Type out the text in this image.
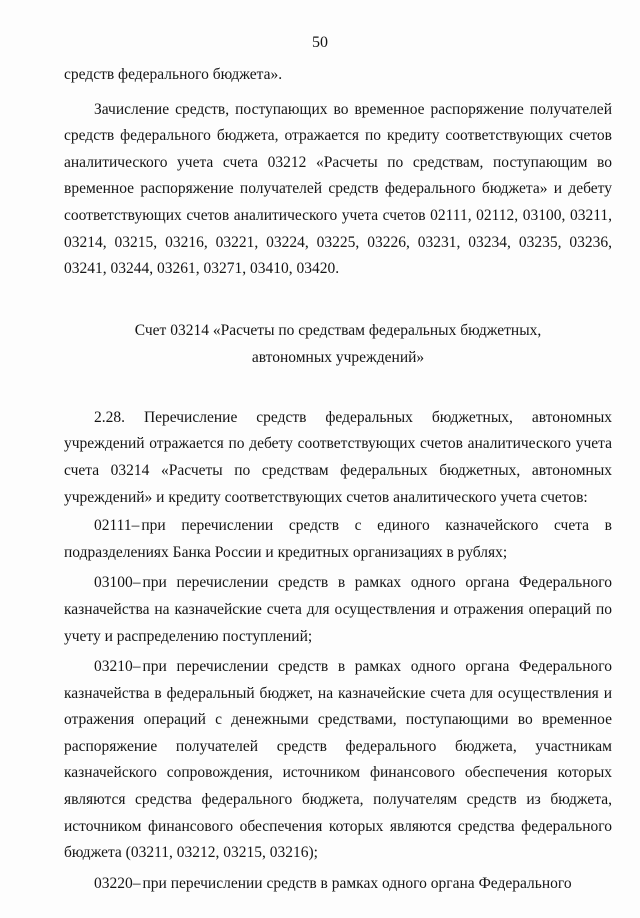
50

средств федерального бюджета».

Зачисление средств, поступающих во временное распоряжение получателей средств федерального бюджета, отражается по кредиту соответствующих счетов аналитического учета счета 03212 «Расчеты по средствам, поступающим во временное распоряжение получателей средств федерального бюджета» и дебету соответствующих счетов аналитического учета счетов 02111, 02112, 03100, 03211, 03214, 03215, 03216, 03221, 03224, 03225, 03226, 03231, 03234, 03235, 03236, 03241, 03244, 03261, 03271, 03410, 03420.

Счет 03214 «Расчеты по средствам федеральных бюджетных, автономных учреждений»

2.28. Перечисление средств федеральных бюджетных, автономных учреждений отражается по дебету соответствующих счетов аналитического учета счета 03214 «Расчеты по средствам федеральных бюджетных, автономных учреждений» и кредиту соответствующих счетов аналитического учета счетов:

02111– при перечислении средств с единого казначейского счета в подразделениях Банка России и кредитных организациях в рублях;

03100– при перечислении средств в рамках одного органа Федерального казначейства на казначейские счета для осуществления и отражения операций по учету и распределению поступлений;

03210– при перечислении средств в рамках одного органа Федерального казначейства в федеральный бюджет, на казначейские счета для осуществления и отражения операций с денежными средствами, поступающими во временное распоряжение получателей средств федерального бюджета, участникам казначейского сопровождения, источником финансового обеспечения которых являются средства федерального бюджета, получателям средств из бюджета, источником финансового обеспечения которых являются средства федерального бюджета (03211, 03212, 03215, 03216);

03220– при перечислении средств в рамках одного органа Федерального
